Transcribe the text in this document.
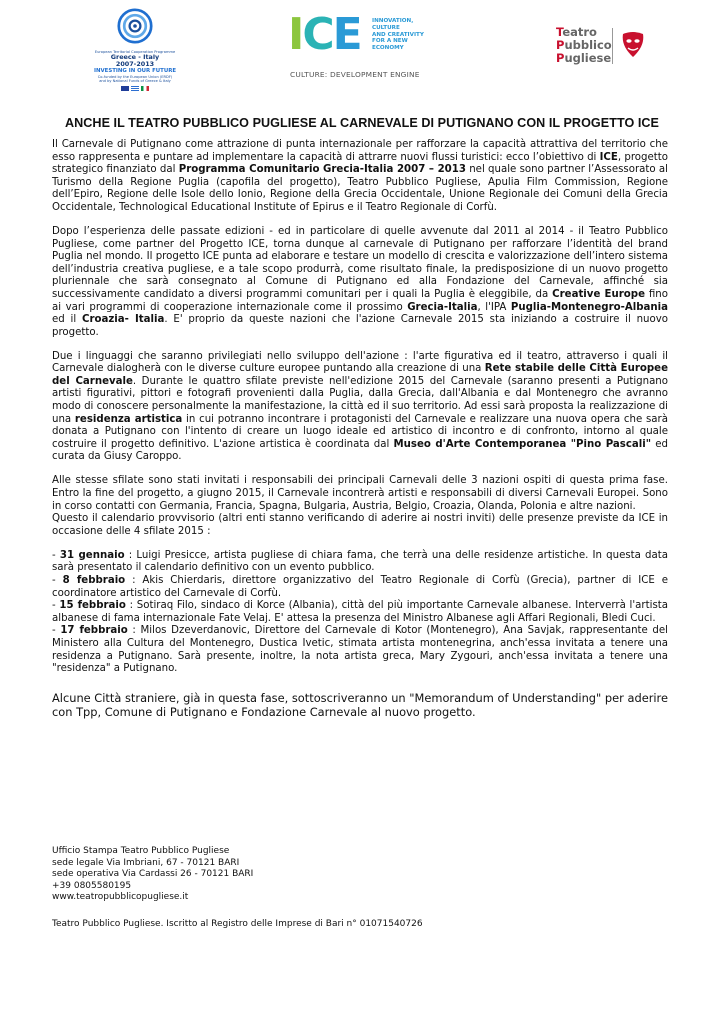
European Territorial Cooperation Programme
Greece - Italy
2007-2013
INVESTING IN OUR FUTURE
Co-funded by the European Union (ERDF)
and by National Funds of Greece & Italy
ICE INNOVATION,
CULTURE
AND CREATIVITY
FOR A NEW
ECONOMY
CULTURE: DEVELOPMENT ENGINE
Teatro
Pubblico
Pugliese
ANCHE IL TEATRO PUBBLICO PUGLIESE AL CARNEVALE DI PUTIGNANO CON IL PROGETTO ICE

Il Carnevale di Putignano come attrazione di punta internazionale per rafforzare la capacità attrattiva del territorio che esso rappresenta e puntare ad implementare la capacità di attrarre nuovi flussi turistici: ecco l’obiettivo di ICE, progetto strategico finanziato dal Programma Comunitario Grecia-Italia 2007 – 2013 nel quale sono partner l’Assessorato al Turismo della Regione Puglia (capofila del progetto), Teatro Pubblico Pugliese, Apulia Film Commission, Regione dell’Epiro, Regione delle Isole dello Ionio, Regione della Grecia Occidentale, Unione Regionale dei Comuni della Grecia Occidentale, Technological Educational Institute of Epirus e il Teatro Regionale di Corfù.

Dopo l’esperienza delle passate edizioni - ed in particolare di quelle avvenute dal 2011 al 2014 - il Teatro Pubblico Pugliese, come partner del Progetto ICE, torna dunque al carnevale di Putignano per rafforzare l’identità del brand Puglia nel mondo. Il progetto ICE punta ad elaborare e testare un modello di crescita e valorizzazione dell’intero sistema dell’industria creativa pugliese, e a tale scopo produrrà, come risultato finale, la predisposizione di un nuovo progetto pluriennale che sarà consegnato al Comune di Putignano ed alla Fondazione del Carnevale, affinché sia successivamente candidato a diversi programmi comunitari per i quali la Puglia è eleggibile, da Creative Europe fino ai vari programmi di cooperazione internazionale come il prossimo Grecia-Italia, l'IPA Puglia-Montenegro-Albania ed il Croazia- Italia. E' proprio da queste nazioni che l'azione Carnevale 2015 sta iniziando a costruire il nuovo progetto.

Due i linguaggi che saranno privilegiati nello sviluppo dell'azione : l'arte figurativa ed il teatro, attraverso i quali il Carnevale dialogherà con le diverse culture europee puntando alla creazione di una Rete stabile delle Città Europee del Carnevale. Durante le quattro sfilate previste nell'edizione 2015 del Carnevale (saranno presenti a Putignano artisti figurativi, pittori e fotografi provenienti dalla Puglia, dalla Grecia, dall'Albania e dal Montenegro che avranno modo di conoscere personalmente la manifestazione, la città ed il suo territorio. Ad essi sarà proposta la realizzazione di una residenza artistica in cui potranno incontrare i protagonisti del Carnevale e realizzare una nuova opera che sarà donata a Putignano con l'intento di creare un luogo ideale ed artistico di incontro e di confronto, intorno al quale costruire il progetto definitivo. L'azione artistica è coordinata dal Museo d'Arte Contemporanea "Pino Pascali" ed curata da Giusy Caroppo.

Alle stesse sfilate sono stati invitati i responsabili dei principali Carnevali delle 3 nazioni ospiti di questa prima fase. Entro la fine del progetto, a giugno 2015, il Carnevale incontrerà artisti e responsabili di diversi Carnevali Europei. Sono in corso contatti con Germania, Francia, Spagna, Bulgaria, Austria, Belgio, Croazia, Olanda, Polonia e altre nazioni.

Questo il calendario provvisorio (altri enti stanno verificando di aderire ai nostri inviti) delle presenze previste da ICE in occasione delle 4 sfilate 2015 :

- 31 gennaio : Luigi Presicce, artista pugliese di chiara fama, che terrà una delle residenze artistiche. In questa data sarà presentato il calendario definitivo con un evento pubblico.

- 8 febbraio : Akis Chierdaris, direttore organizzativo del Teatro Regionale di Corfù (Grecia), partner di ICE e coordinatore artistico del Carnevale di Corfù.

- 15 febbraio : Sotiraq Filo, sindaco di Korce (Albania), città del più importante Carnevale albanese. Interverrà l'artista albanese di fama internazionale Fate Velaj. E' attesa la presenza del Ministro Albanese agli Affari Regionali, Bledi Cuci.

- 17 febbraio : Milos Dzeverdanovic, Direttore del Carnevale di Kotor (Montenegro), Ana Savjak, rappresentante del Ministero alla Cultura del Montenegro, Dustica Ivetic, stimata artista montenegrina, anch'essa invitata a tenere una residenza a Putignano. Sarà presente, inoltre, la nota artista greca, Mary Zygouri, anch'essa invitata a tenere una "residenza" a Putignano.

Alcune Città straniere, già in questa fase, sottoscriveranno un "Memorandum of Understanding" per aderire con Tpp, Comune di Putignano e Fondazione Carnevale al nuovo progetto.

Ufficio Stampa Teatro Pubblico Pugliese
sede legale Via Imbriani, 67 - 70121 BARI
sede operativa Via Cardassi 26 - 70121 BARI
+39 0805580195
www.teatropubblicopugliese.it
Teatro Pubblico Pugliese. Iscritto al Registro delle Imprese di Bari n° 01071540726
